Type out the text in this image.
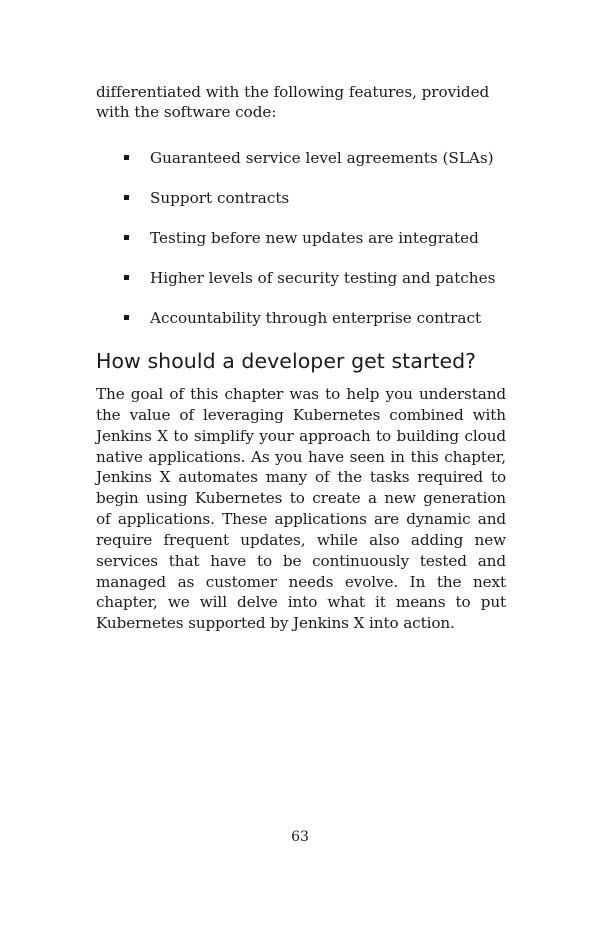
differentiated with the following features, provided with the software code:

Guaranteed service level agreements (SLAs)
Support contracts
Testing before new updates are integrated
Higher levels of security testing and patches
Accountability through enterprise contract
How should a developer get started?

The goal of this chapter was to help you understand the value of leveraging Kubernetes combined with Jenkins X to simplify your approach to building cloud native applications. As you have seen in this chapter, Jenkins X automates many of the tasks required to begin using Kubernetes to create a new generation of applications. These applications are dynamic and require frequent updates, while also adding new services that have to be continuously tested and managed as customer needs evolve. In the next chapter, we will delve into what it means to put Kubernetes supported by Jenkins X into action.

63
